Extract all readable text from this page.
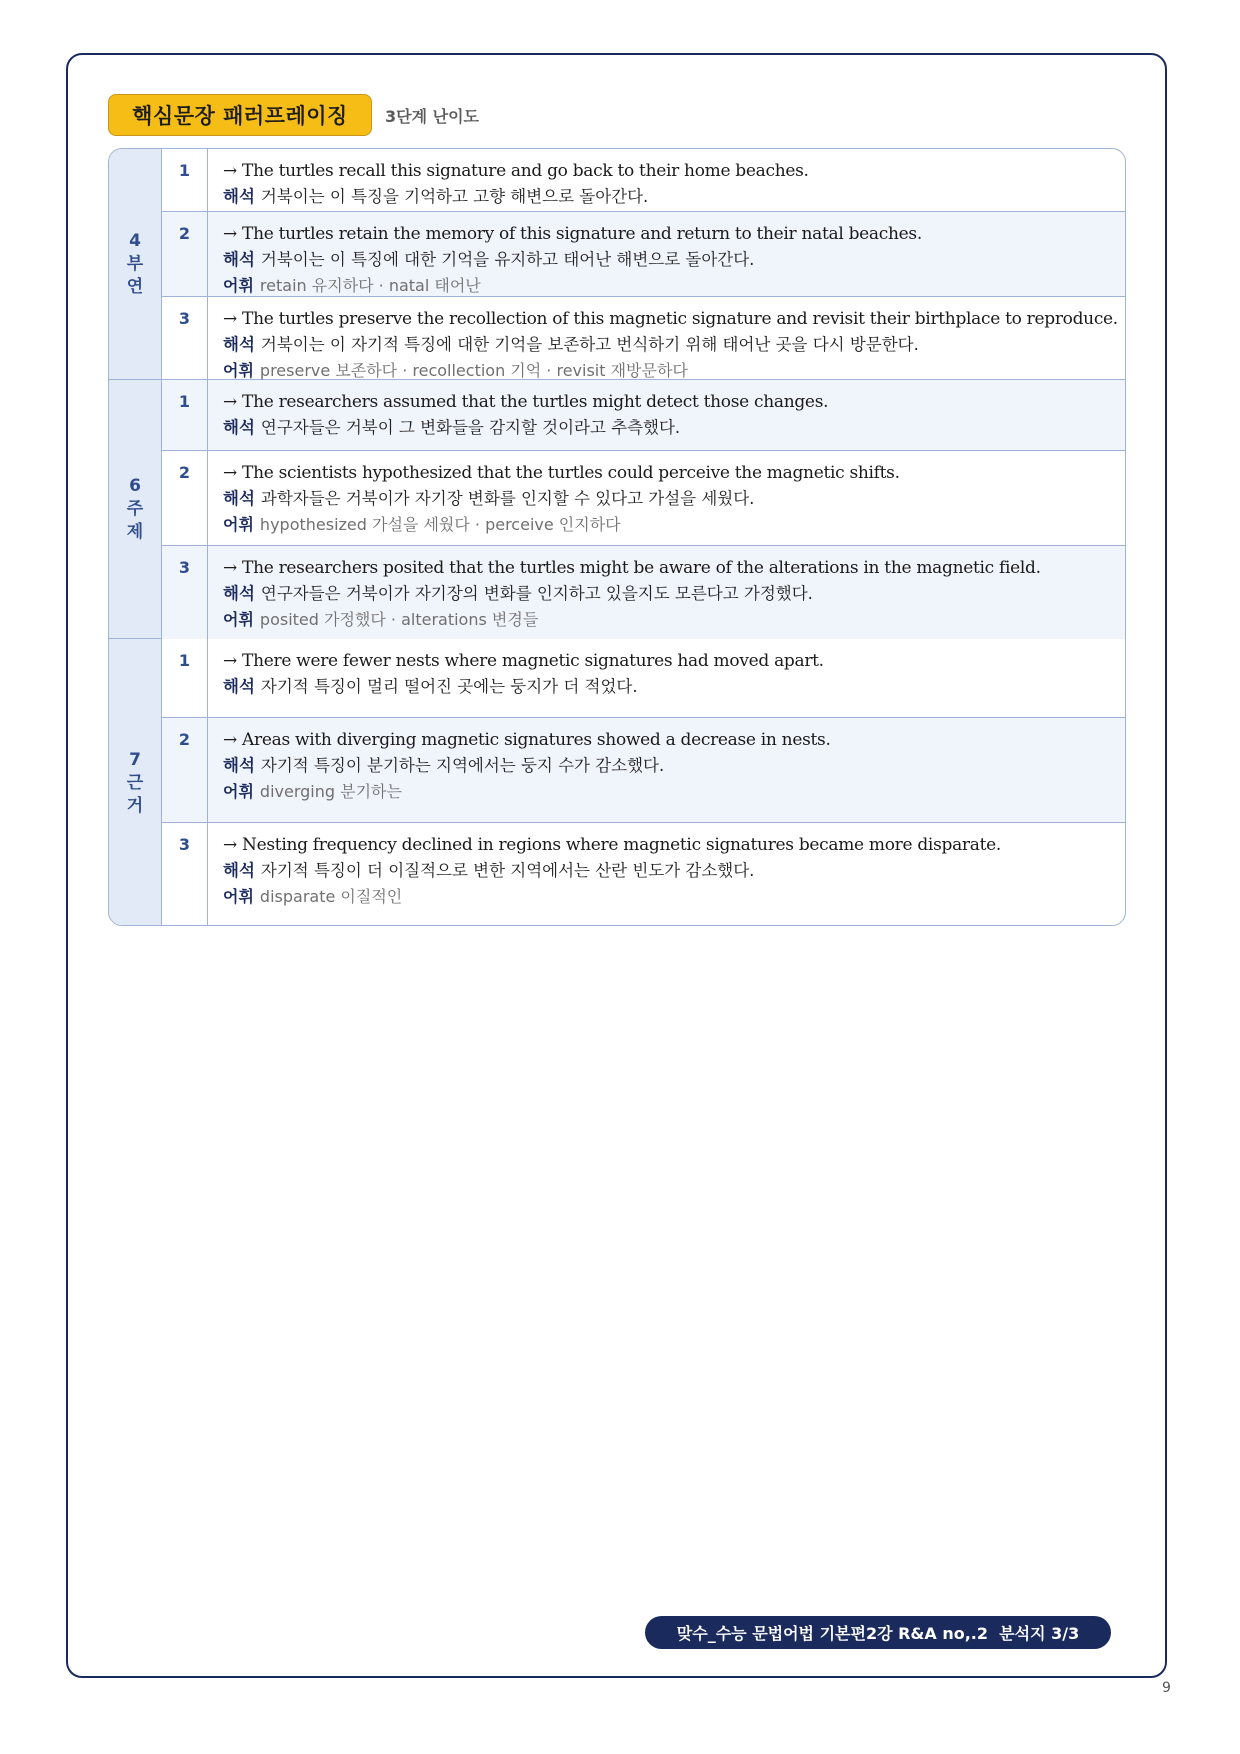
핵심문장 패러프레이징 3단계 난이도
4
부
연
1	→ The turtles recall this signature and go back to their home beaches.
해석 거북이는 이 특징을 기억하고 고향 해변으로 돌아간다.
2	→ The turtles retain the memory of this signature and return to their natal beaches.
해석 거북이는 이 특징에 대한 기억을 유지하고 태어난 해변으로 돌아간다.
어휘 retain 유지하다 · natal 태어난
3	→ The turtles preserve the recollection of this magnetic signature and revisit their birthplace to reproduce.
해석 거북이는 이 자기적 특징에 대한 기억을 보존하고 번식하기 위해 태어난 곳을 다시 방문한다.
어휘 preserve 보존하다 · recollection 기억 · revisit 재방문하다
6
주
제
1	→ The researchers assumed that the turtles might detect those changes.
해석 연구자들은 거북이 그 변화들을 감지할 것이라고 추측했다.
2	→ The scientists hypothesized that the turtles could perceive the magnetic shifts.
해석 과학자들은 거북이가 자기장 변화를 인지할 수 있다고 가설을 세웠다.
어휘 hypothesized 가설을 세웠다 · perceive 인지하다
3	→ The researchers posited that the turtles might be aware of the alterations in the magnetic field.
해석 연구자들은 거북이가 자기장의 변화를 인지하고 있을지도 모른다고 가정했다.
어휘 posited 가정했다 · alterations 변경들
7
근
거
1	→ There were fewer nests where magnetic signatures had moved apart.
해석 자기적 특징이 멀리 떨어진 곳에는 둥지가 더 적었다.
2	→ Areas with diverging magnetic signatures showed a decrease in nests.
해석 자기적 특징이 분기하는 지역에서는 둥지 수가 감소했다.
어휘 diverging 분기하는
3	→ Nesting frequency declined in regions where magnetic signatures became more disparate.
해석 자기적 특징이 더 이질적으로 변한 지역에서는 산란 빈도가 감소했다.
어휘 disparate 이질적인
맞수_수능 문법어법 기본편2강 R&A no,.2  분석지 3/3
9
